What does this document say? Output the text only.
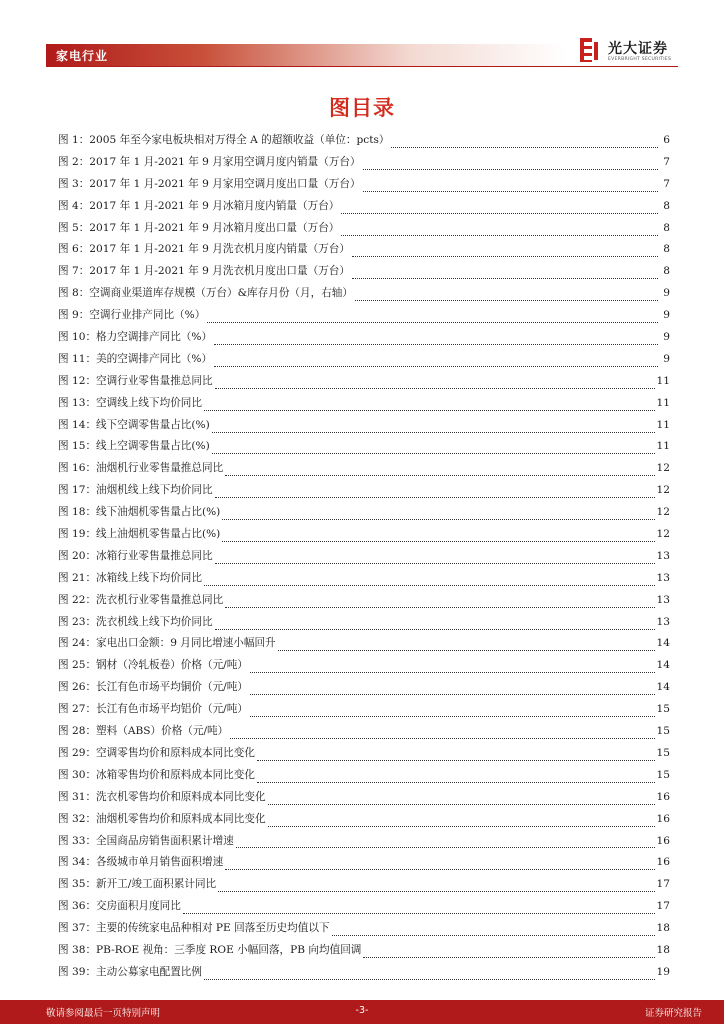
家电行业	光大证券
EVERBRIGHT SECURITIES
图目录
图 1：2005 年至今家电板块相对万得全 A 的超额收益（单位：pcts）	6
图 2：2017 年 1 月-2021 年 9 月家用空调月度内销量（万台）	7
图 3：2017 年 1 月-2021 年 9 月家用空调月度出口量（万台）	7
图 4：2017 年 1 月-2021 年 9 月冰箱月度内销量（万台）	8
图 5：2017 年 1 月-2021 年 9 月冰箱月度出口量（万台）	8
图 6：2017 年 1 月-2021 年 9 月洗衣机月度内销量（万台）	8
图 7：2017 年 1 月-2021 年 9 月洗衣机月度出口量（万台）	8
图 8：空调商业渠道库存规模（万台）&库存月份（月，右轴）	9
图 9：空调行业排产同比（%）	9
图 10：格力空调排产同比（%）	9
图 11：美的空调排产同比（%）	9
图 12：空调行业零售量推总同比	11
图 13：空调线上线下均价同比	11
图 14：线下空调零售量占比(%)	11
图 15：线上空调零售量占比(%)	11
图 16：油烟机行业零售量推总同比	12
图 17：油烟机线上线下均价同比	12
图 18：线下油烟机零售量占比(%)	12
图 19：线上油烟机零售量占比(%)	12
图 20：冰箱行业零售量推总同比	13
图 21：冰箱线上线下均价同比	13
图 22：洗衣机行业零售量推总同比	13
图 23：洗衣机线上线下均价同比	13
图 24：家电出口金额：9 月同比增速小幅回升	14
图 25：钢材（冷轧板卷）价格（元/吨）	14
图 26：长江有色市场平均铜价（元/吨）	14
图 27：长江有色市场平均铝价（元/吨）	15
图 28：塑料（ABS）价格（元/吨）	15
图 29：空调零售均价和原料成本同比变化	15
图 30：冰箱零售均价和原料成本同比变化	15
图 31：洗衣机零售均价和原料成本同比变化	16
图 32：油烟机零售均价和原料成本同比变化	16
图 33：全国商品房销售面积累计增速	16
图 34：各级城市单月销售面积增速	16
图 35：新开工/竣工面积累计同比	17
图 36：交房面积月度同比	17
图 37：主要的传统家电品种相对 PE 回落至历史均值以下	18
图 38：PB-ROE 视角：三季度 ROE 小幅回落，PB 向均值回调	18
图 39：主动公募家电配置比例	19
敬请参阅最后一页特别声明	-3-	证券研究报告
